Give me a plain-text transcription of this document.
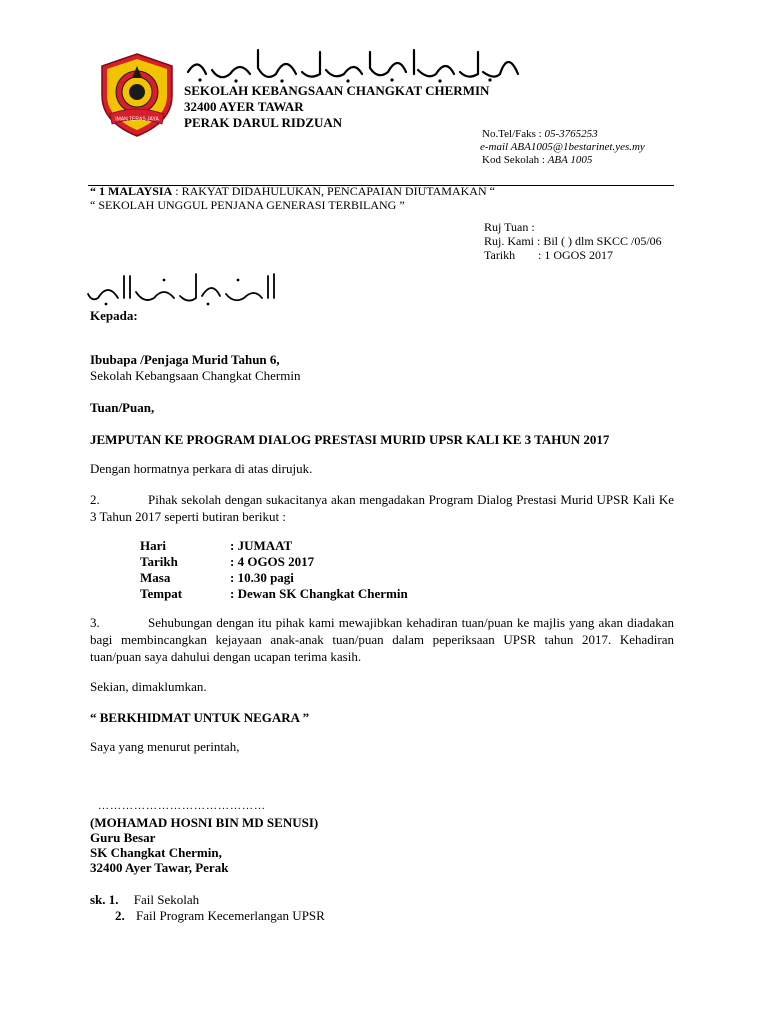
IMAN TERAS JAYA
SEKOLAH KEBANGSAAN CHANGKAT CHERMIN
32400 AYER TAWAR
PERAK DARUL RIDZUAN
No.Tel/Faks : 05-3765253
e-mail ABA1005@1bestarinet.yes.my
Kod Sekolah : ABA 1005
“ 1 MALAYSIA : RAKYAT DIDAHULUKAN, PENCAPAIAN DIUTAMAKAN “
“ SEKOLAH UNGGUL PENJANA GENERASI TERBILANG ”
Ruj Tuan :
Ruj. Kami : Bil ( ) dlm SKCC /05/06
Tarikh : 1 OGOS 2017
Kepada:
Ibubapa /Penjaga Murid Tahun 6,
Sekolah Kebangsaan Changkat Chermin
Tuan/Puan,
JEMPUTAN KE PROGRAM DIALOG PRESTASI MURID UPSR KALI KE 3 TAHUN 2017
Dengan hormatnya perkara di atas dirujuk.
2.	Pihak sekolah dengan sukacitanya akan mengadakan Program Dialog Prestasi Murid UPSR Kali Ke 3 Tahun 2017 seperti butiran berikut :
Hari	: JUMAAT
Tarikh	: 4 OGOS 2017
Masa	: 10.30 pagi
Tempat	: Dewan SK Changkat Chermin
3.	Sehubungan dengan itu pihak kami mewajibkan kehadiran tuan/puan ke majlis yang akan diadakan bagi membincangkan kejayaan anak-anak tuan/puan dalam peperiksaan UPSR tahun 2017. Kehadiran tuan/puan saya dahului dengan ucapan terima kasih.
Sekian, dimaklumkan.
“ BERKHIDMAT UNTUK NEGARA ”
Saya yang menurut perintah,
……………………………………
(MOHAMAD HOSNI BIN MD SENUSI)
Guru Besar
SK Changkat Chermin,
32400 Ayer Tawar, Perak
sk. 1. Fail Sekolah
2. Fail Program Kecemerlangan UPSR
